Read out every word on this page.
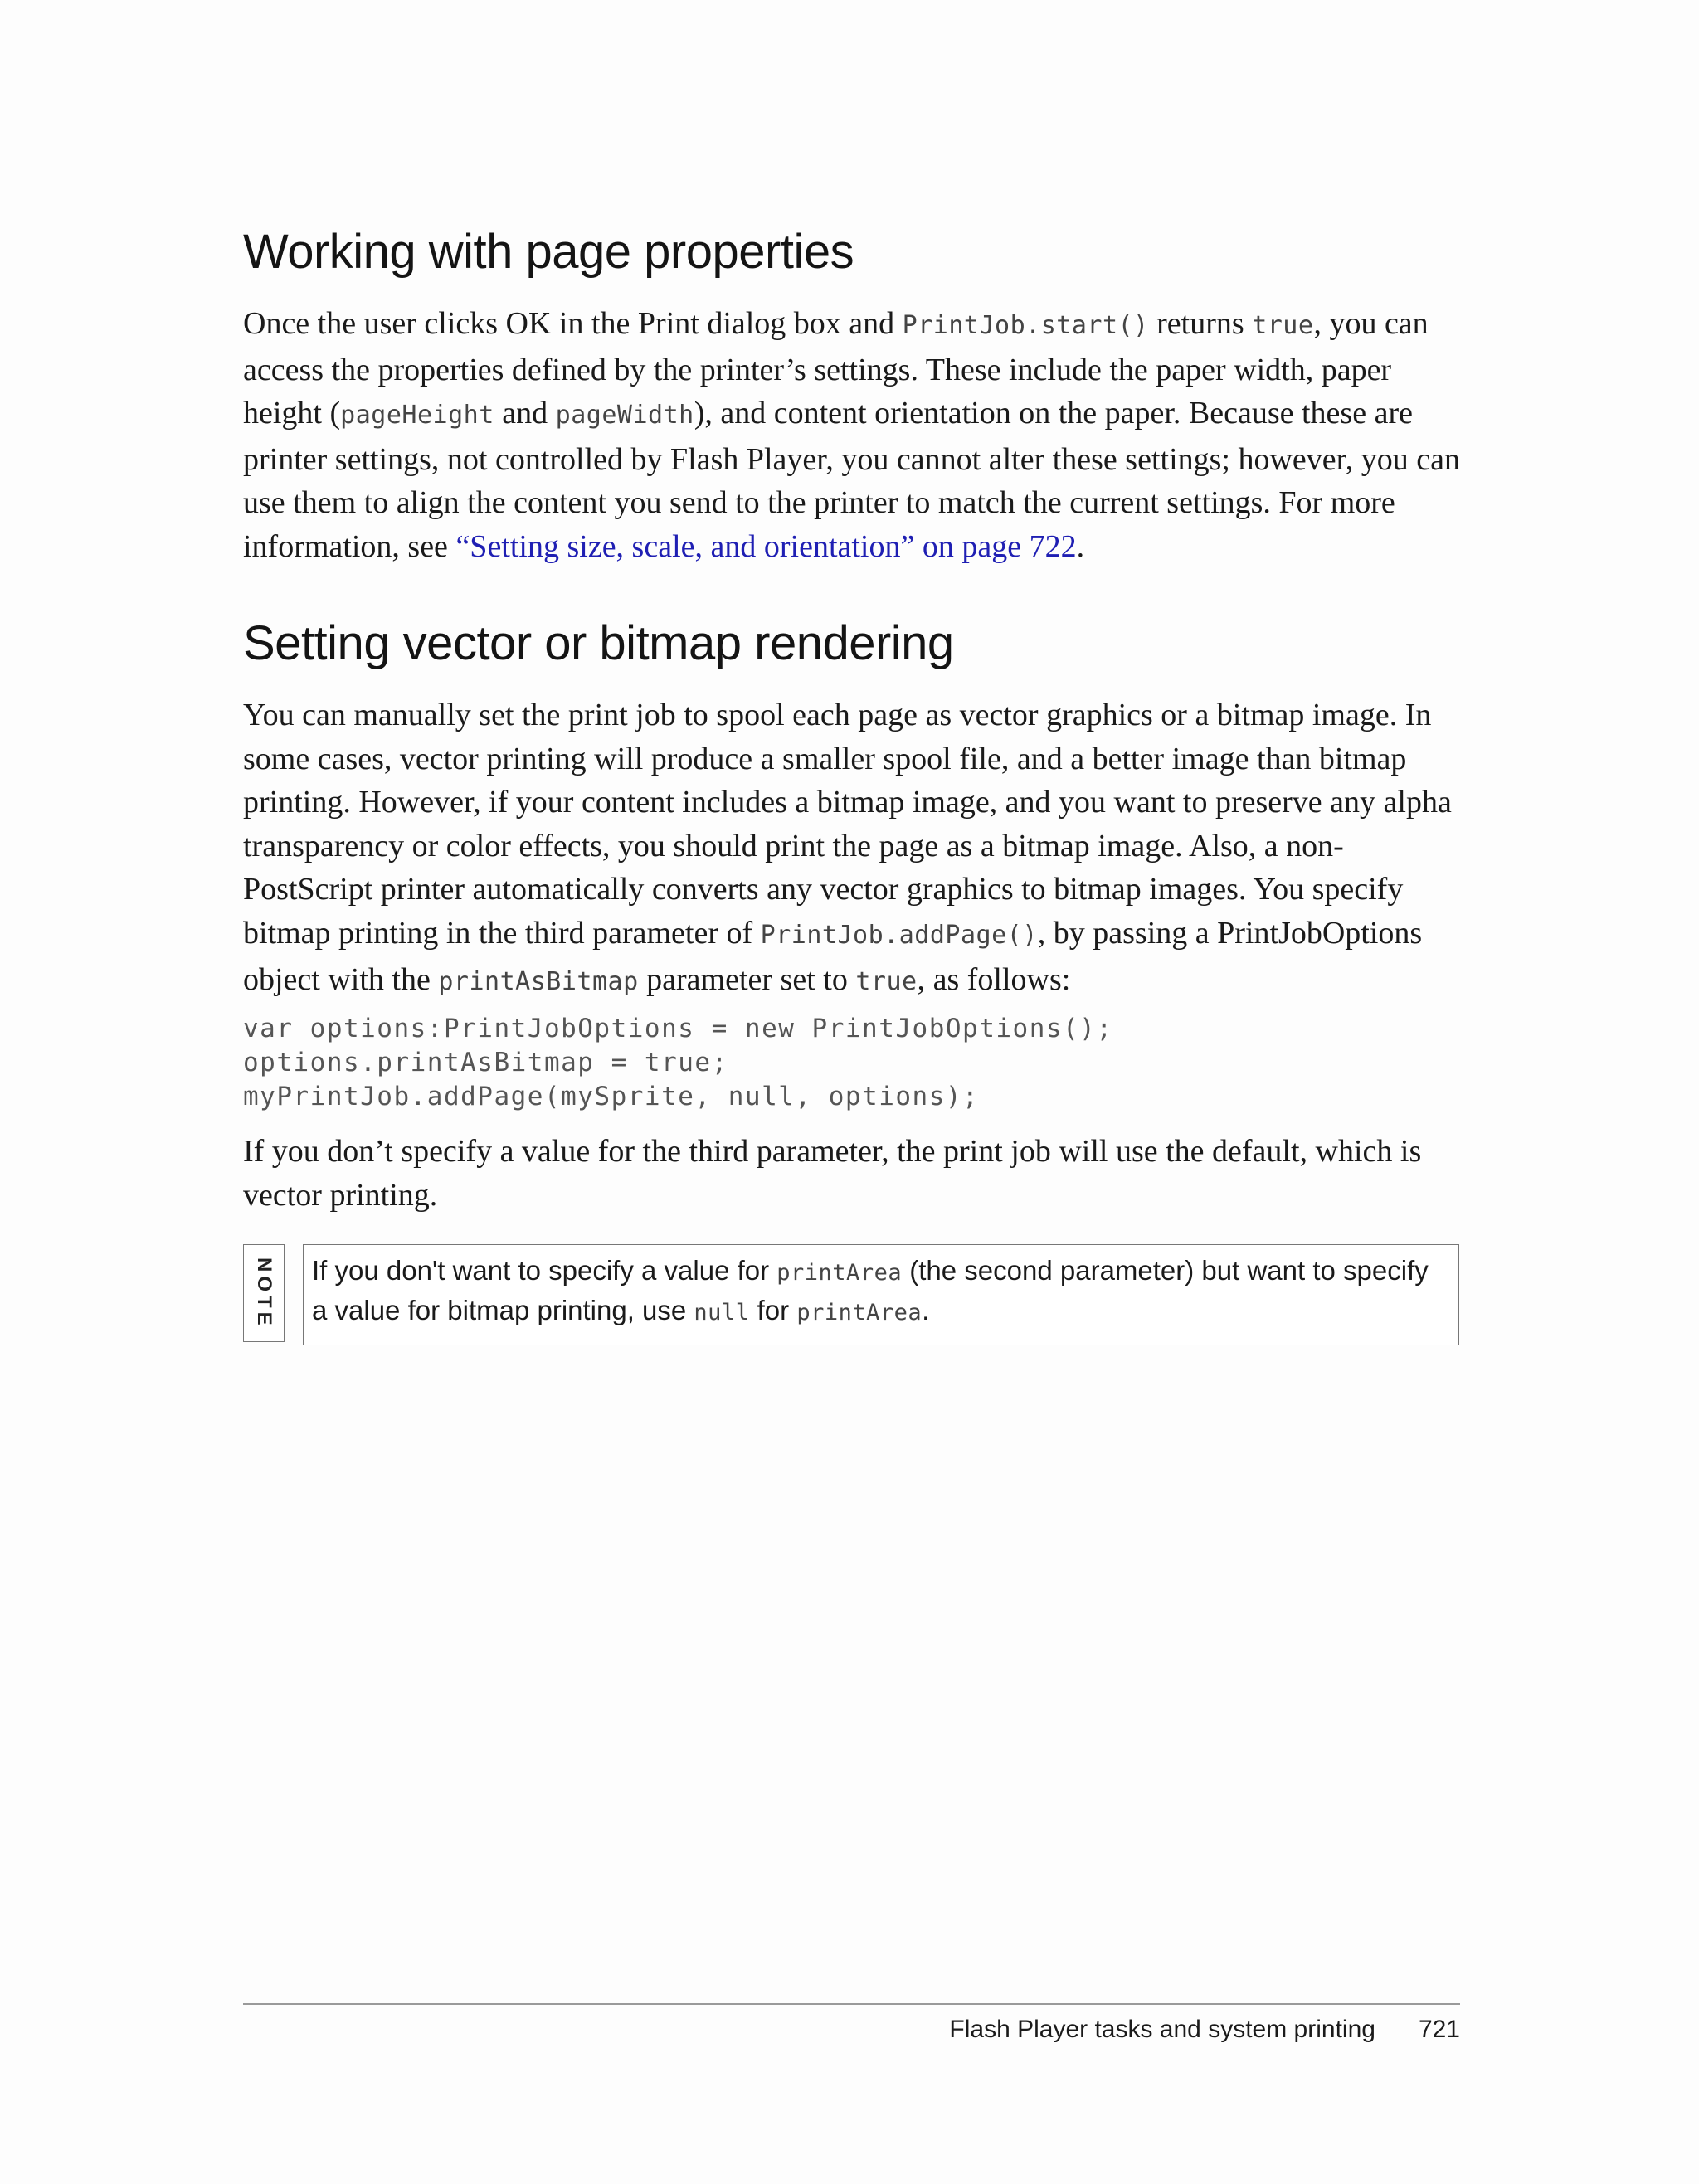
Working with page properties

Once the user clicks OK in the Print dialog box and PrintJob.start() returns true, you can access the properties defined by the printer’s settings. These include the paper width, paper height (pageHeight and pageWidth), and content orientation on the paper. Because these are printer settings, not controlled by Flash Player, you cannot alter these settings; however, you can use them to align the content you send to the printer to match the current settings. For more information, see “Setting size, scale, and orientation” on page 722.

Setting vector or bitmap rendering

You can manually set the print job to spool each page as vector graphics or a bitmap image. In some cases, vector printing will produce a smaller spool file, and a better image than bitmap printing. However, if your content includes a bitmap image, and you want to preserve any alpha transparency or color effects, you should print the page as a bitmap image. Also, a non-PostScript printer automatically converts any vector graphics to bitmap images. You specify bitmap printing in the third parameter of PrintJob.addPage(), by passing a PrintJobOptions object with the printAsBitmap parameter set to true, as follows:

var options:PrintJobOptions = new PrintJobOptions();
options.printAsBitmap = true;
myPrintJob.addPage(mySprite, null, options);

If you don’t specify a value for the third parameter, the print job will use the default, which is vector printing.

NOTE If you don't want to specify a value for printArea (the second parameter) but want to specify a value for bitmap printing, use null for printArea.

Flash Player tasks and system printing 721
